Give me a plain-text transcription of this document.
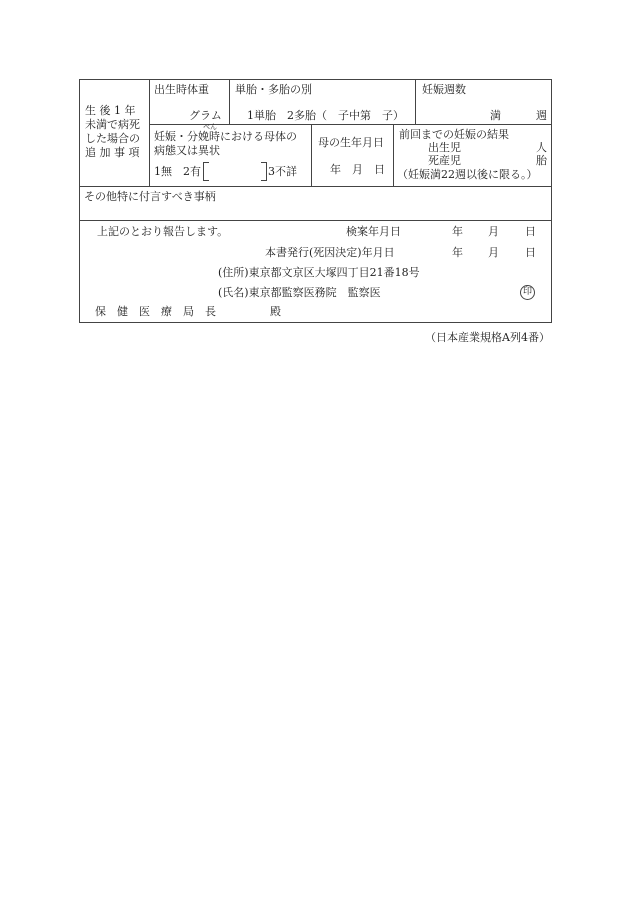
生 後 1 年
未満で病死
した場合の
追 加 事 項
出生時体重
グラム
単胎・多胎の別
1単胎　2多胎（　子中第　子）
妊娠週数
満	週
べん
妊娠・分娩時における母体の
病態又は異状
1無　2有	3不詳
母の生年月日
年　月　日
前回までの妊娠の結果
出生児	人
死産児	胎
（妊娠満22週以後に限る。）
その他特に付言すべき事柄
上記のとおり報告します。	検案年月日	年 月 日
本書発行(死因決定)年月日	年 月 日
(住所)東京都文京区大塚四丁目21番18号
(氏名)東京都監察医務院　監察医	印
保　健　医　療　局　長	殿
（日本産業規格A列4番）
